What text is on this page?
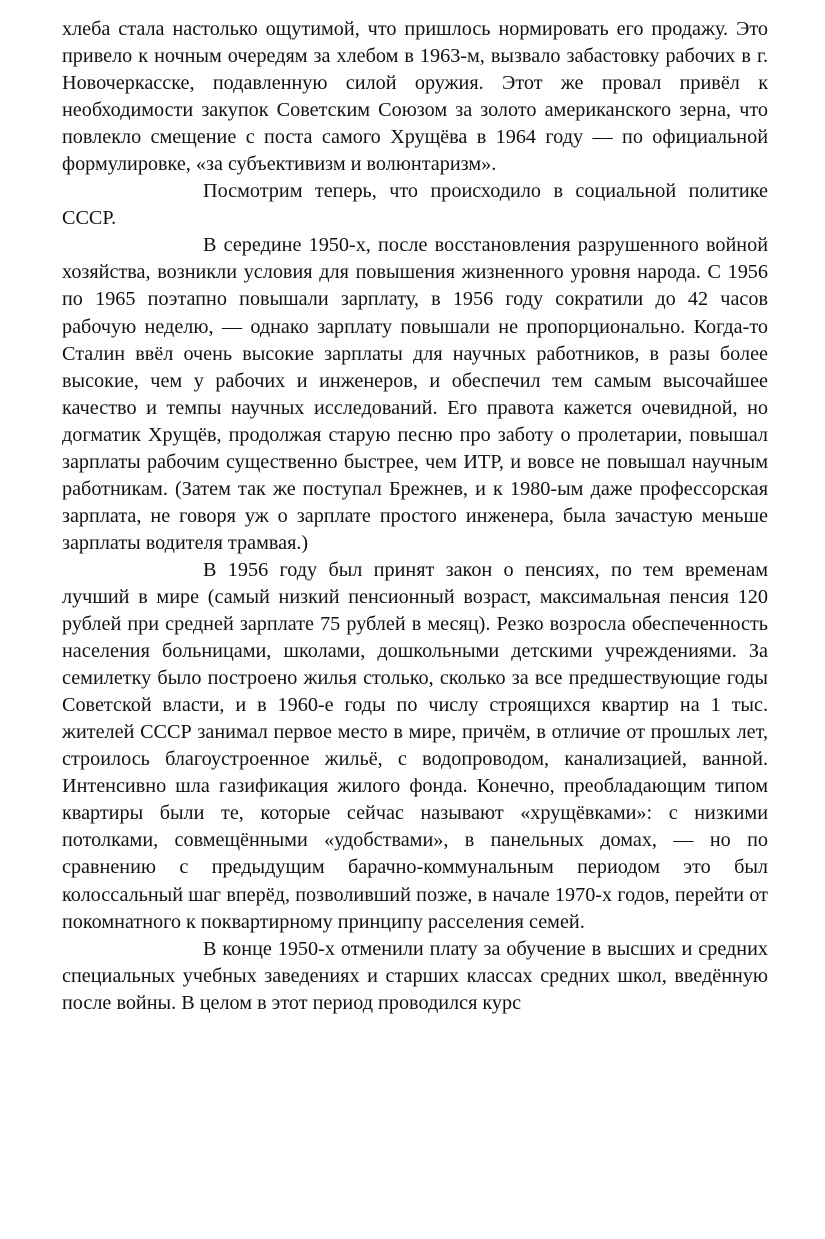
хлеба стала настолько ощутимой, что пришлось нормировать его продажу. Это привело к ночным очередям за хлебом в 1963-м, вызвало забастовку рабочих в г. Новочеркасске, подавленную силой оружия. Этот же провал привёл к необходимости закупок Советским Союзом за золото американского зерна, что повлекло смещение с поста самого Хрущёва в 1964 году — по официальной формулировке, «за субъективизм и волюнтаризм».

Посмотрим теперь, что происходило в социальной политике СССР.

В середине 1950-х, после восстановления разрушенного войной хозяйства, возникли условия для повышения жизненного уровня народа. С 1956 по 1965 поэтапно повышали зарплату, в 1956 году сократили до 42 часов рабочую неделю, — однако зарплату повышали не пропорционально. Когда-то Сталин ввёл очень высокие зарплаты для научных работников, в разы более высокие, чем у рабочих и инженеров, и обеспечил тем самым высочайшее качество и темпы научных исследований. Его правота кажется очевидной, но догматик Хрущёв, продолжая старую песню про заботу о пролетарии, повышал зарплаты рабочим существенно быстрее, чем ИТР, и вовсе не повышал научным работникам. (Затем так же поступал Брежнев, и к 1980-ым даже профессорская зарплата, не говоря уж о зарплате простого инженера, была зачастую меньше зарплаты водителя трамвая.)

В 1956 году был принят закон о пенсиях, по тем временам лучший в мире (самый низкий пенсионный возраст, максимальная пенсия 120 рублей при средней зарплате 75 рублей в месяц). Резко возросла обеспеченность населения больницами, школами, дошкольными детскими учреждениями. За семилетку было построено жилья столько, сколько за все предшествующие годы Советской власти, и в 1960-е годы по числу строящихся квартир на 1 тыс. жителей СССР занимал первое место в мире, причём, в отличие от прошлых лет, строилось благоустроенное жильё, с водопроводом, канализацией, ванной. Интенсивно шла газификация жилого фонда. Конечно, преобладающим типом квартиры были те, которые сейчас называют «хрущёвками»: с низкими потолками, совмещёнными «удобствами», в панельных домах, — но по сравнению с предыдущим барачно-коммунальным периодом это был колоссальный шаг вперёд, позволивший позже, в начале 1970-х годов, перейти от покомнатного к поквартирному принципу расселения семей.

В конце 1950-х отменили плату за обучение в высших и средних специальных учебных заведениях и старших классах средних школ, введённую после войны. В целом в этот период проводился курс
